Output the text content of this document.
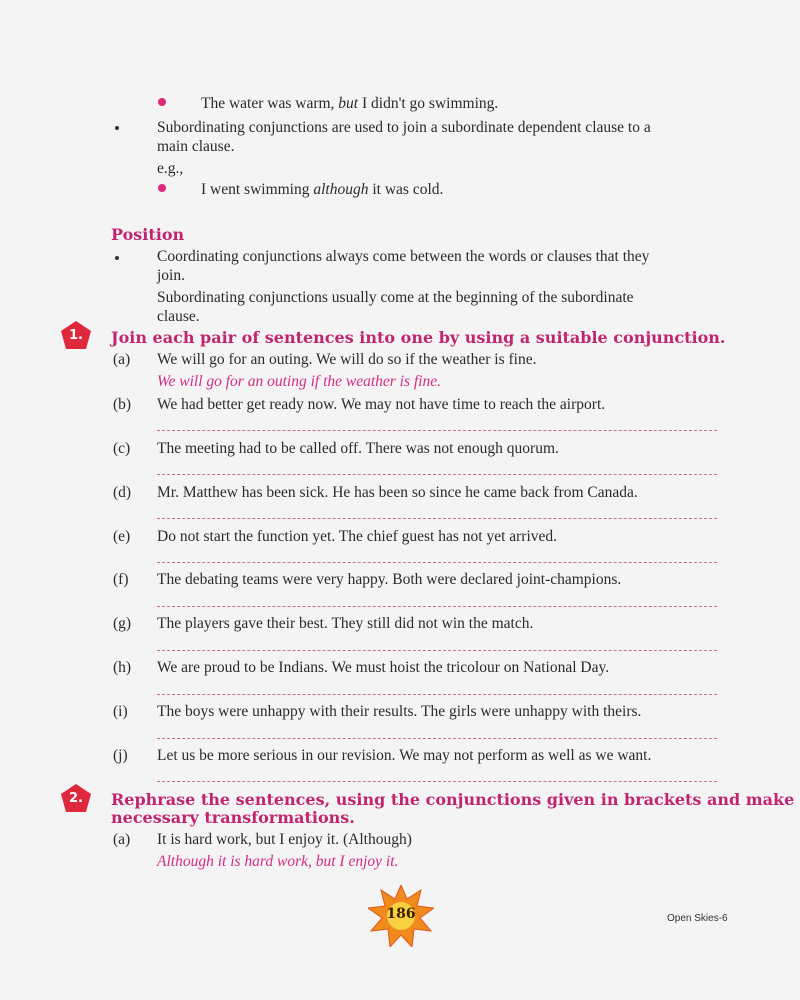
The water was warm, but I didn't go swimming.
Subordinating conjunctions are used to join a subordinate dependent clause to a
main clause.
e.g.,
I went swimming although it was cold.
Position
Coordinating conjunctions always come between the words or clauses that they
join.
Subordinating conjunctions usually come at the beginning of the subordinate
clause.
1.	Join each pair of sentences into one by using a suitable conjunction.
(a) We will go for an outing. We will do so if the weather is fine.
We will go for an outing if the weather is fine.
(b) We had better get ready now. We may not have time to reach the airport.
(c) The meeting had to be called off. There was not enough quorum.
(d) Mr. Matthew has been sick. He has been so since he came back from Canada.
(e) Do not start the function yet. The chief guest has not yet arrived.
(f) The debating teams were very happy. Both were declared joint-champions.
(g) The players gave their best. They still did not win the match.
(h) We are proud to be Indians. We must hoist the tricolour on National Day.
(i) The boys were unhappy with their results. The girls were unhappy with theirs.
(j) Let us be more serious in our revision. We may not perform as well as we want.
2.	Rephrase the sentences, using the conjunctions given in brackets and make
necessary transformations.
(a) It is hard work, but I enjoy it. (Although)
Although it is hard work, but I enjoy it.
186	Open Skies-6
